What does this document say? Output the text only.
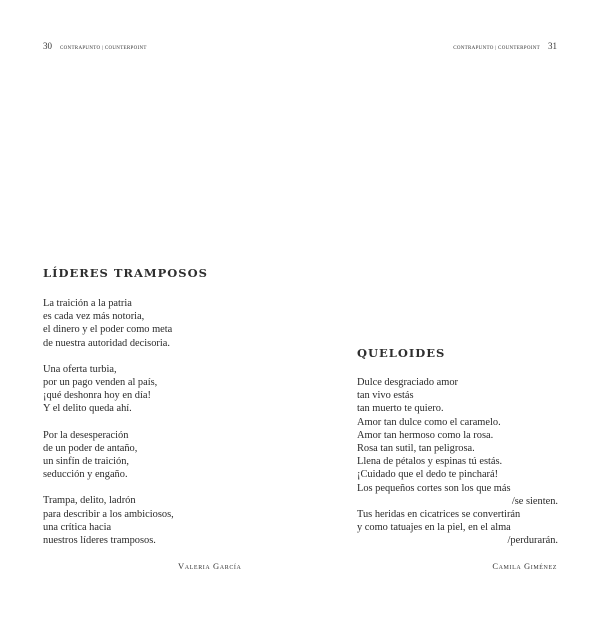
30 CONTRAPUNTO | COUNTERPOINT	CONTRAPUNTO | COUNTERPOINT 31
LÍDERES TRAMPOSOS
La traición a la patria
es cada vez más notoria,
el dinero y el poder como meta
de nuestra autoridad decisoria.
Una oferta turbia,
por un pago venden al país,
¡qué deshonra hoy en día!
Y el delito queda ahí.
Por la desesperación
de un poder de antaño,
un sinfín de traición,
seducción y engaño.
Trampa, delito, ladrón
para describir a los ambiciosos,
una crítica hacia
nuestros líderes tramposos.
Valeria García
QUELOIDES
Dulce desgraciado amor
tan vivo estás
tan muerto te quiero.
Amor tan dulce como el caramelo.
Amor tan hermoso como la rosa.
Rosa tan sutil, tan peligrosa.
Llena de pétalos y espinas tú estás.
¡Cuidado que el dedo te pinchará!
Los pequeños cortes son los que más
/se sienten.
Tus heridas en cicatrices se convertirán
y como tatuajes en la piel, en el alma
/perdurarán.
Camila Giménez
